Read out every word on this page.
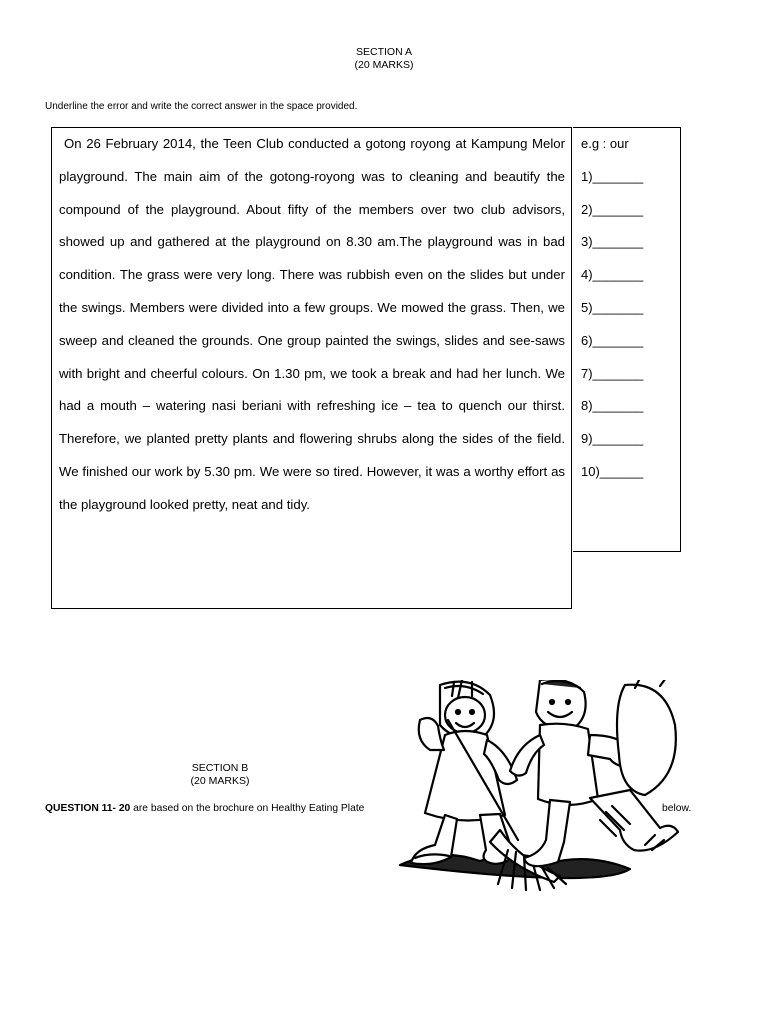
SECTION A
(20 MARKS)
Underline the error and write the correct answer in the space provided.

On 26 February 2014, the Teen Club conducted a gotong royong at Kampung Melor playground. The main aim of the gotong-royong was to cleaning and beautify the compound of the playground. About fifty of the members over two club advisors, showed up and gathered at the playground on 8.30 am.The playground was in bad condition. The grass were very long. There was rubbish even on the slides but under the swings. Members were divided into a few groups. We mowed the grass. Then, we sweep and cleaned the grounds. One group painted the swings, slides and see-saws with bright and cheerful colours. On 1.30 pm, we took a break and had her lunch. We had a mouth – watering nasi beriani with refreshing ice – tea to quench our thirst. Therefore, we planted pretty plants and flowering shrubs along the sides of the field. We finished our work by 5.30 pm. We were so tired. However, it was a worthy effort as the playground looked pretty, neat and tidy.

e.g : our
1)_______
2)_______
3)_______
4)_______
5)_______
6)_______
7)_______
8)_______
9)_______
10)______
SECTION B
(20 MARKS)
QUESTION 11- 20 are based on the brochure on Healthy Eating Plate	below.
